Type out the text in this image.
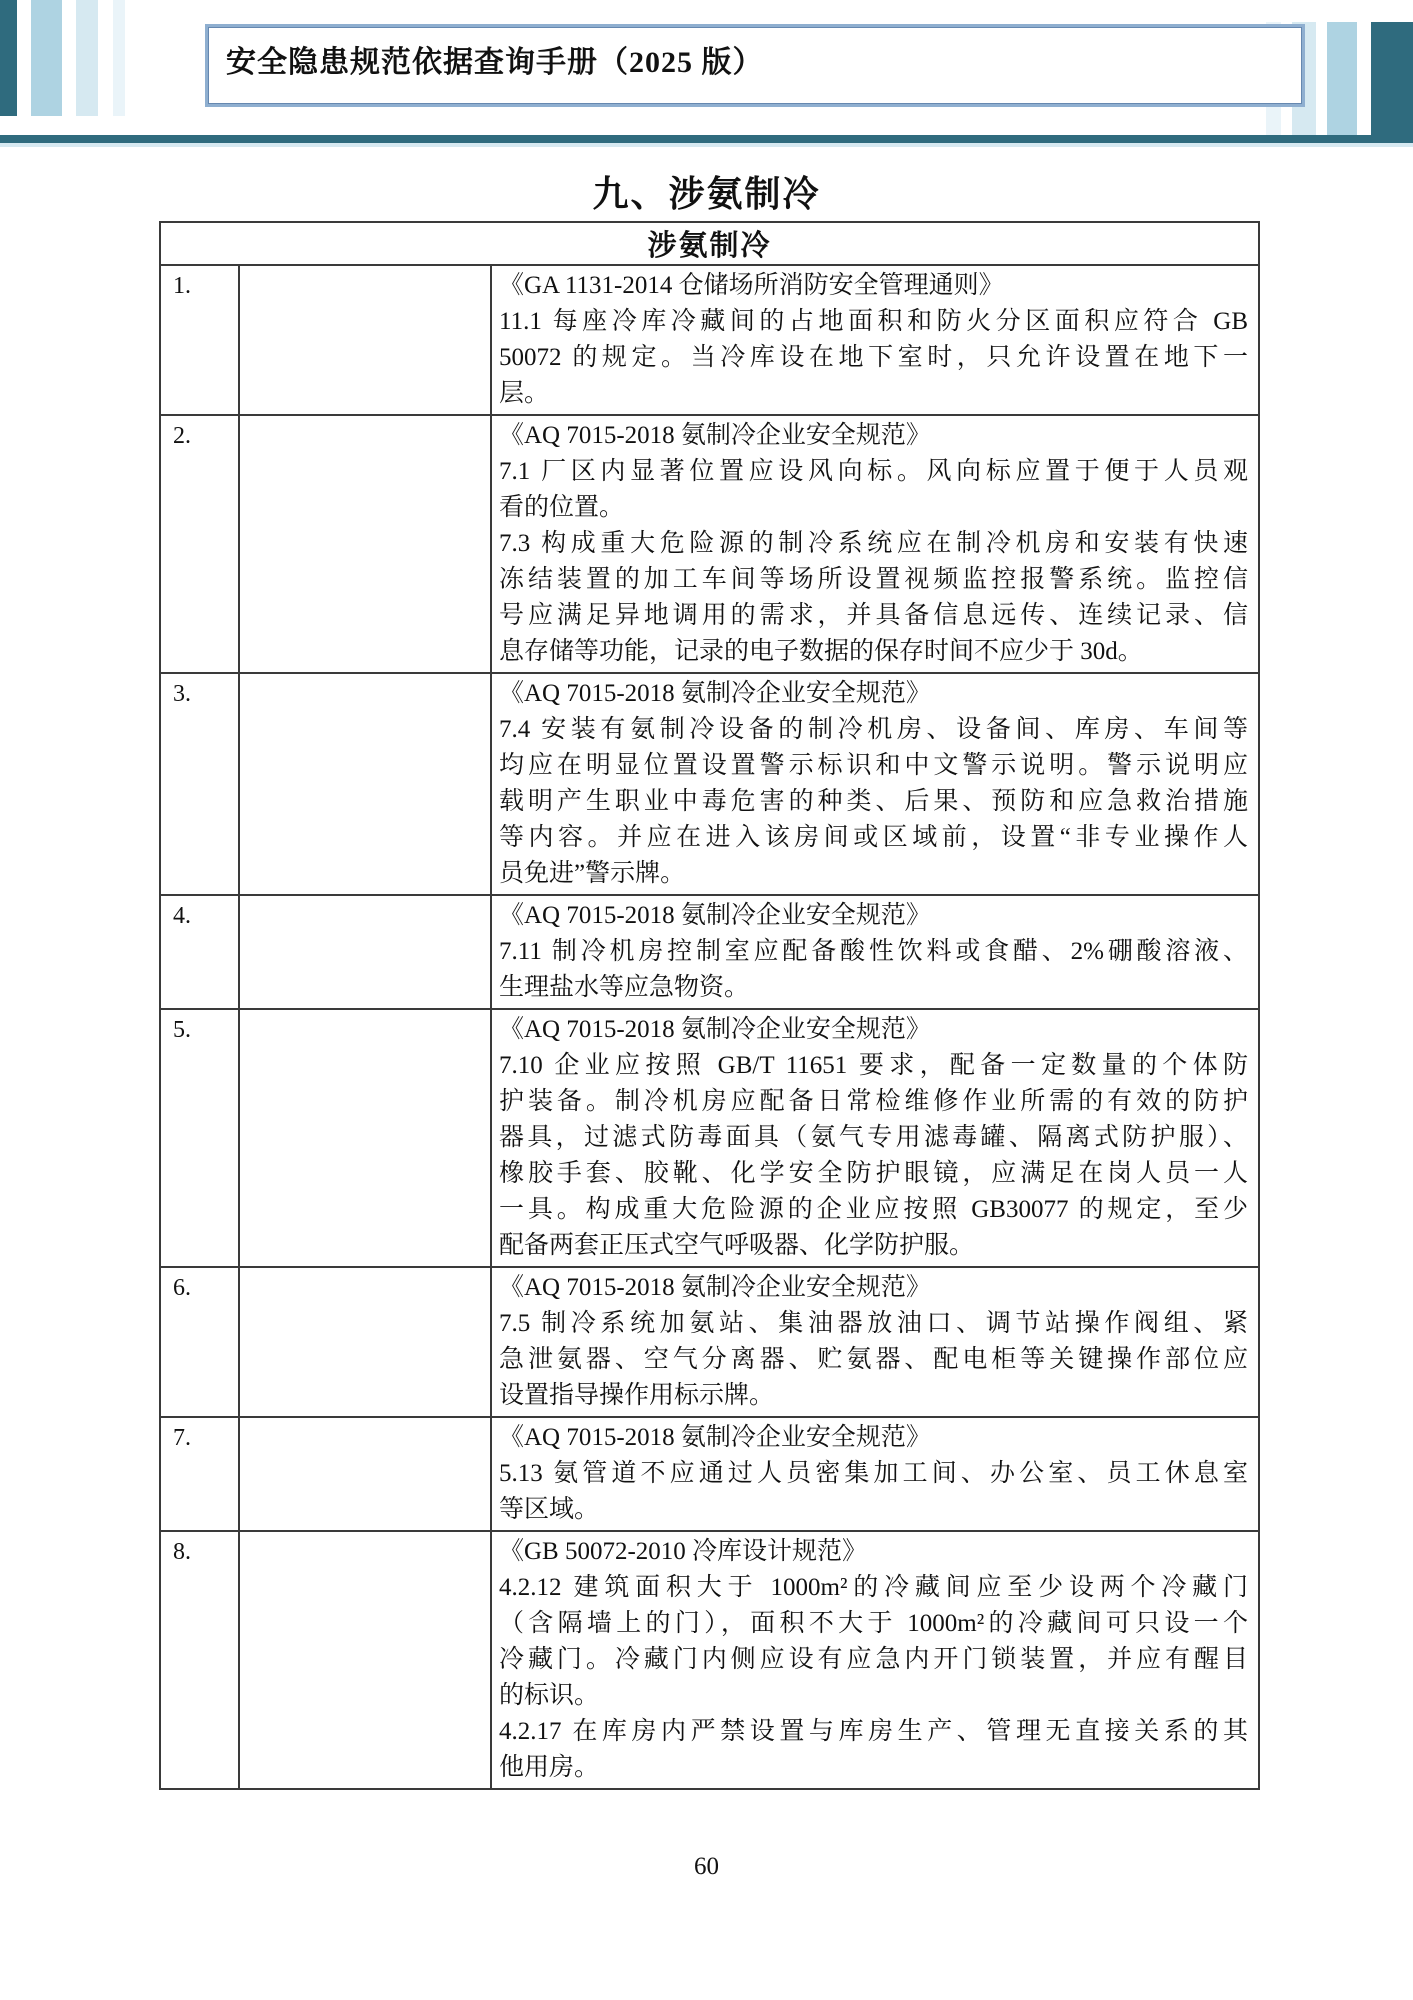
安全隐患规范依据查询手册（2025 版）
九、涉氨制冷
涉氨制冷		
1.		《GA 1131-2014 仓储场所消防安全管理通则》
11.1 每座冷库冷藏间的占地面积和防火分区面积应符合 GB
50072 的规定。当冷库设在地下室时，只允许设置在地下一
层。

2.		《AQ 7015-2018 氨制冷企业安全规范》
7.1 厂区内显著位置应设风向标。风向标应置于便于人员观
看的位置。
7.3 构成重大危险源的制冷系统应在制冷机房和安装有快速
冻结装置的加工车间等场所设置视频监控报警系统。监控信
号应满足异地调用的需求，并具备信息远传、连续记录、信
息存储等功能，记录的电子数据的保存时间不应少于 30d。

3.		《AQ 7015-2018 氨制冷企业安全规范》
7.4 安装有氨制冷设备的制冷机房、设备间、库房、车间等
均应在明显位置设置警示标识和中文警示说明。警示说明应
载明产生职业中毒危害的种类、后果、预防和应急救治措施
等内容。并应在进入该房间或区域前，设置“非专业操作人
员免进”警示牌。

4.		《AQ 7015-2018 氨制冷企业安全规范》
7.11 制冷机房控制室应配备酸性饮料或食醋、2%硼酸溶液、
生理盐水等应急物资。

5.		《AQ 7015-2018 氨制冷企业安全规范》
7.10 企业应按照 GB/T 11651 要求，配备一定数量的个体防
护装备。制冷机房应配备日常检维修作业所需的有效的防护
器具，过滤式防毒面具（氨气专用滤毒罐、隔离式防护服）、
橡胶手套、胶靴、化学安全防护眼镜，应满足在岗人员一人
一具。构成重大危险源的企业应按照 GB30077 的规定，至少
配备两套正压式空气呼吸器、化学防护服。

6.		《AQ 7015-2018 氨制冷企业安全规范》
7.5 制冷系统加氨站、集油器放油口、调节站操作阀组、紧
急泄氨器、空气分离器、贮氨器、配电柜等关键操作部位应
设置指导操作用标示牌。

7.		《AQ 7015-2018 氨制冷企业安全规范》
5.13 氨管道不应通过人员密集加工间、办公室、员工休息室
等区域。

8.		《GB 50072-2010 冷库设计规范》
4.2.12 建筑面积大于 1000m²的冷藏间应至少设两个冷藏门
（含隔墙上的门），面积不大于 1000m²的冷藏间可只设一个
冷藏门。冷藏门内侧应设有应急内开门锁装置，并应有醒目
的标识。
4.2.17 在库房内严禁设置与库房生产、管理无直接关系的其
他用房。
60
